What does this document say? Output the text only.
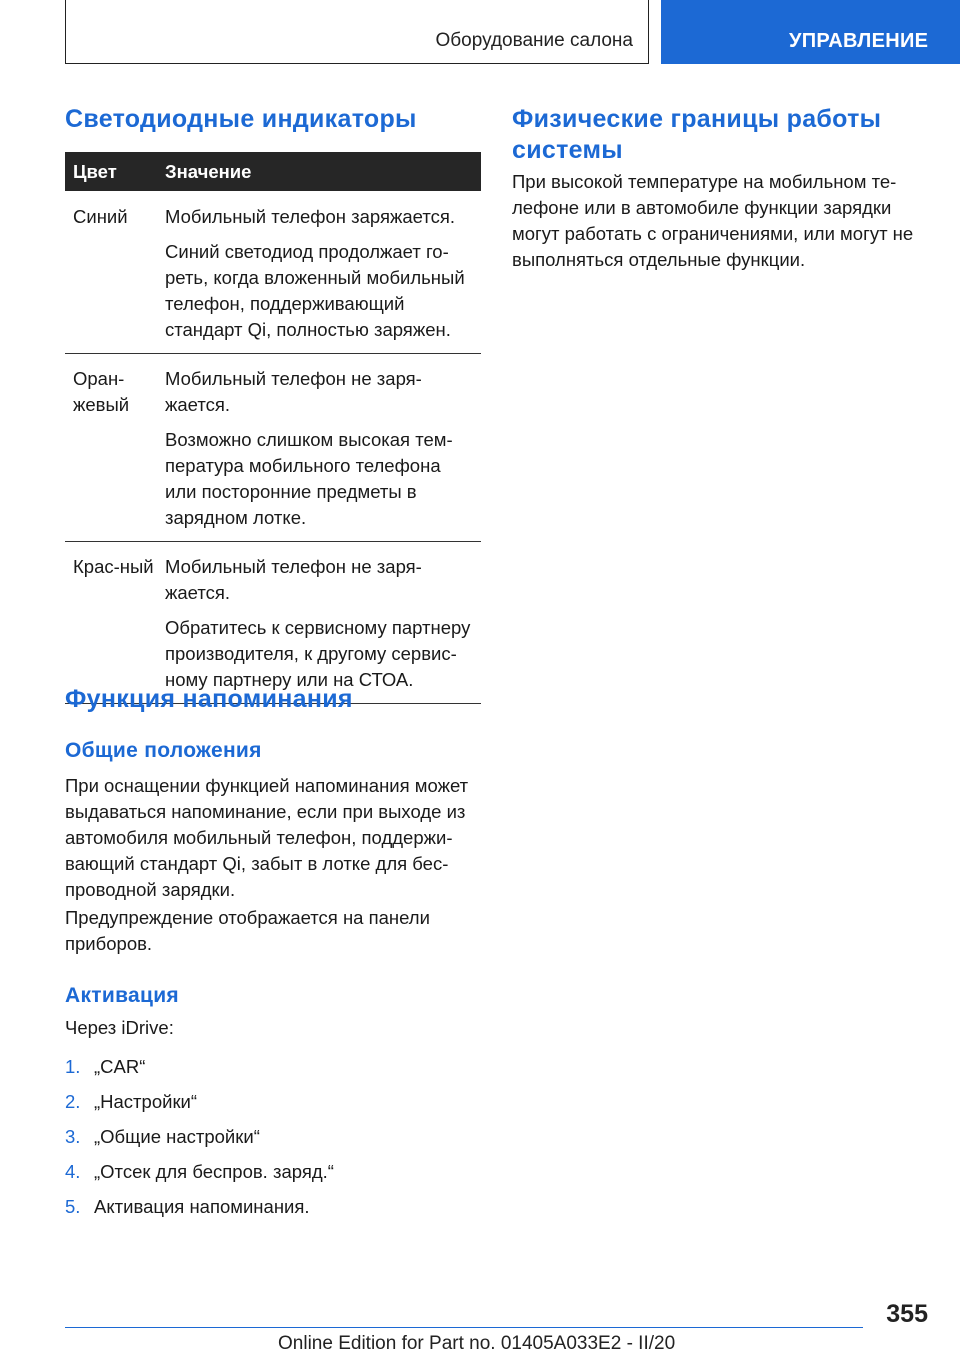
Оборудование салона	УПРАВЛЕНИЕ
Светодиодные индикаторы
Цвет	Значение
Синий	Мобильный телефон заряжается.
Синий светодиод продолжает го-реть, когда вложенный мобильный телефон, поддерживающий стандарт Qi, полностью заряжен.

Оран-жевый	Мобильный телефон не заря-жается.
Возможно слишком высокая тем-пература мобильного телефона или посторонние предметы в зарядном лотке.

Крас-ный	Мобильный телефон не заря-жается.
Обратитесь к сервисному партнеру производителя, к другому сервис-ному партнеру или на СТОА.
Функция напоминания
Общие положения

При оснащении функцией напоминания может выдаваться напоминание, если при выходе из автомобиля мобильный телефон, поддержи-вающий стандарт Qi, забыт в лотке для бес-проводной зарядки.

Предупреждение отображается на панели приборов.

Активация

Через iDrive:

1. „CAR“
2. „Настройки“
3. „Общие настройки“
4. „Отсек для беспров. заряд.“
5. Активация напоминания.
Физические границы работы системы

При высокой температуре на мобильном те-лефоне или в автомобиле функции зарядки могут работать с ограничениями, или могут не выполняться отдельные функции.

355
Online Edition for Part no. 01405A033E2 - II/20
